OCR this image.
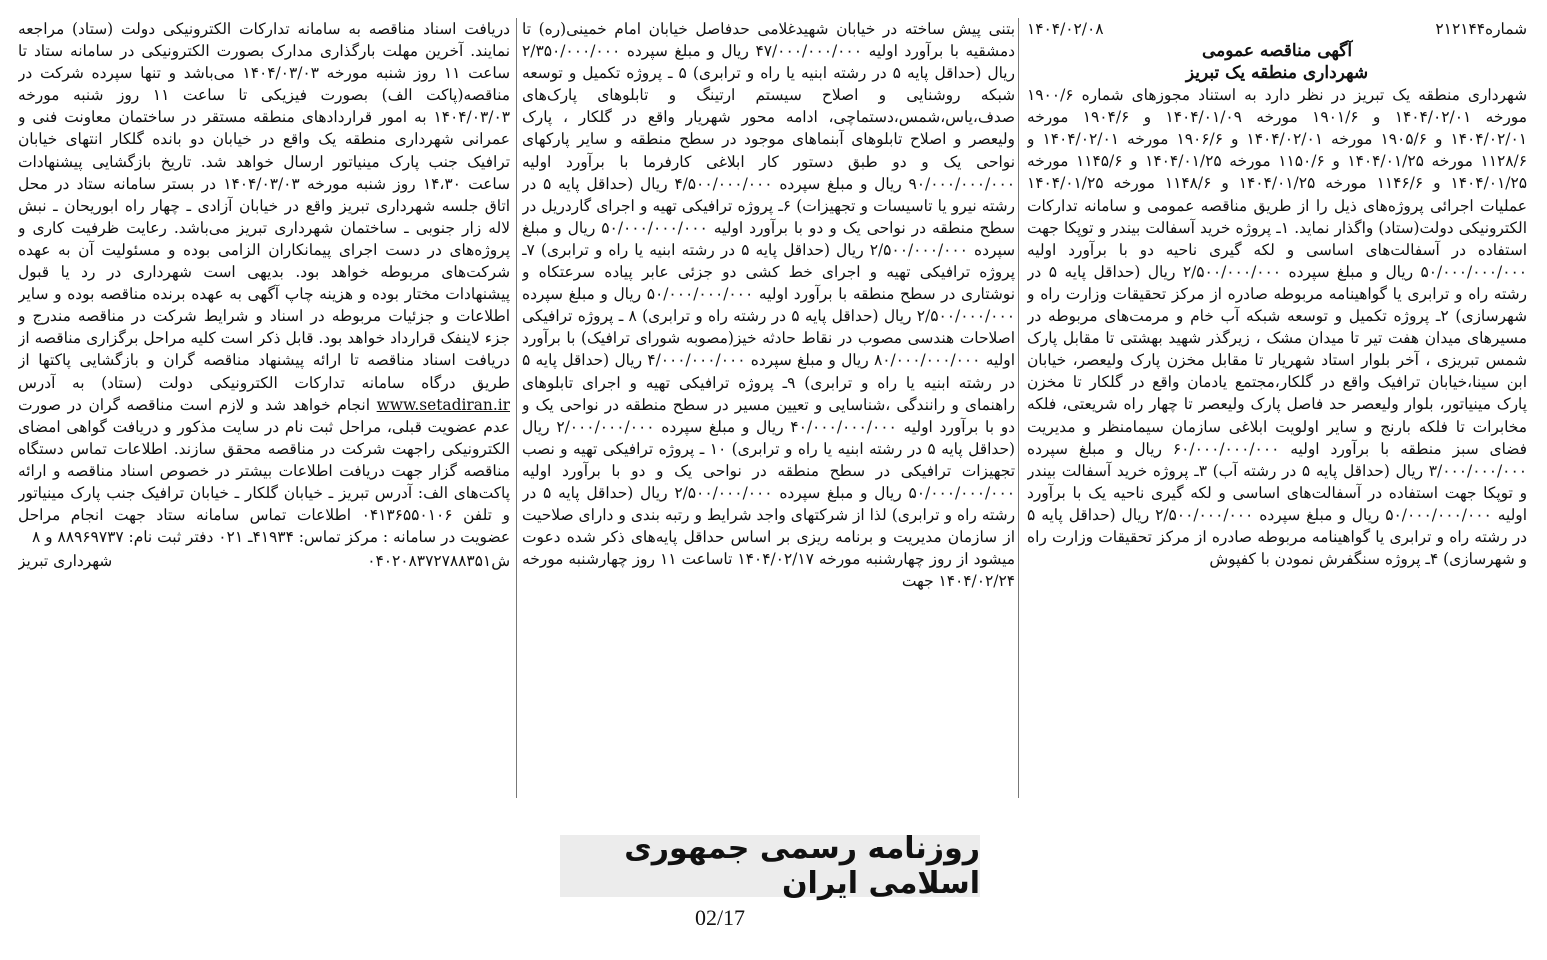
شماره۲۱۲۱۴۴
۱۴۰۴/۰۲/۰۸
آگهی مناقصه عمومی
شهرداری منطقه یک تبریز

شهرداری منطقه یک تبریز در نظر دارد به استناد مجوزهای شماره ۱۹۰۰/۶ مورخه ۱۴۰۴/۰۲/۰۱ و ۱۹۰۱/۶ مورخه ۱۴۰۴/۰۱/۰۹ و ۱۹۰۴/۶ مورخه ۱۴۰۴/۰۲/۰۱ و ۱۹۰۵/۶ مورخه ۱۴۰۴/۰۲/۰۱ و ۱۹۰۶/۶ مورخه ۱۴۰۴/۰۲/۰۱ و ۱۱۲۸/۶ مورخه ۱۴۰۴/۰۱/۲۵ و ۱۱۵۰/۶ مورخه ۱۴۰۴/۰۱/۲۵ و ۱۱۴۵/۶ مورخه ۱۴۰۴/۰۱/۲۵ و ۱۱۴۶/۶ مورخه ۱۴۰۴/۰۱/۲۵ و ۱۱۴۸/۶ مورخه ۱۴۰۴/۰۱/۲۵ عملیات اجرائی پروژه‌های ذیل را از طریق مناقصه عمومی و سامانه تدارکات الکترونیکی دولت(ستاد) واگذار نماید. ۱ـ پروژه خرید آسفالت بیندر و توپکا جهت استفاده در آسفالت‌های اساسی و لکه گیری ناحیه دو با برآورد اولیه ۵۰/۰۰۰/۰۰۰/۰۰۰ ریال و مبلغ سپرده ۲/۵۰۰/۰۰۰/۰۰۰ ریال (حداقل پایه ۵ در رشته راه و ترابری یا گواهینامه مربوطه صادره از مرکز تحقیقات وزارت راه و شهرسازی) ۲ـ پروژه تکمیل و توسعه شبکه آب خام و مرمت‌های مربوطه در مسیرهای میدان هفت تیر تا میدان مشک ، زیرگذر شهید بهشتی تا مقابل پارک شمس تبریزی ، آخر بلوار استاد شهریار تا مقابل مخزن پارک ولیعصر، خیابان ابن سینا،خیابان ترافیک واقع در گلکار،مجتمع یادمان واقع در گلکار تا مخزن پارک مینیاتور، بلوار ولیعصر حد فاصل پارک ولیعصر تا چهار راه شریعتی، فلکه مخابرات تا فلکه بارنج و سایر اولویت ابلاغی سازمان سیمامنظر و مدیریت فضای سبز منطقه با برآورد اولیه ۶۰/۰۰۰/۰۰۰/۰۰۰ ریال و مبلغ سپرده ۳/۰۰۰/۰۰۰/۰۰۰ ریال (حداقل پایه ۵ در رشته آب) ۳ـ پروژه خرید آسفالت بیندر و توپکا جهت استفاده در آسفالت‌های اساسی و لکه گیری ناحیه یک با برآورد اولیه ۵۰/۰۰۰/۰۰۰/۰۰۰ ریال و مبلغ سپرده ۲/۵۰۰/۰۰۰/۰۰۰ ریال (حداقل پایه ۵ در رشته راه و ترابری یا گواهینامه مربوطه صادره از مرکز تحقیقات وزارت راه و شهرسازی) ۴ـ پروژه سنگفرش نمودن با کفپوش

بتنی پیش ساخته در خیابان شهیدغلامی حدفاصل خیابان امام خمینی(ره) تا دمشقیه با برآورد اولیه ۴۷/۰۰۰/۰۰۰/۰۰۰ ریال و مبلغ سپرده ۲/۳۵۰/۰۰۰/۰۰۰ ریال (حداقل پایه ۵ در رشته ابنیه یا راه و ترابری) ۵ ـ پروژه تکمیل و توسعه شبکه روشنایی و اصلاح سیستم ارتینگ و تابلوهای پارک‌های صدف،یاس،شمس،دستماچی، ادامه محور شهریار واقع در گلکار ، پارک ولیعصر و اصلاح تابلوهای آبنماهای موجود در سطح منطقه و سایر پارکهای نواحی یک و دو طبق دستور کار ابلاغی کارفرما با برآورد اولیه ۹۰/۰۰۰/۰۰۰/۰۰۰ ریال و مبلغ سپرده ۴/۵۰۰/۰۰۰/۰۰۰ ریال (حداقل پایه ۵ در رشته نیرو یا تاسیسات و تجهیزات) ۶ـ پروژه ترافیکی تهیه و اجرای گاردریل در سطح منطقه در نواحی یک و دو با برآورد اولیه ۵۰/۰۰۰/۰۰۰/۰۰۰ ریال و مبلغ سپرده ۲/۵۰۰/۰۰۰/۰۰۰ ریال (حداقل پایه ۵ در رشته ابنیه یا راه و ترابری) ۷ـ پروژه ترافیکی تهیه و اجرای خط کشی دو جزئی عابر پیاده سرعتکاه و نوشتاری در سطح منطقه با برآورد اولیه ۵۰/۰۰۰/۰۰۰/۰۰۰ ریال و مبلغ سپرده ۲/۵۰۰/۰۰۰/۰۰۰ ریال (حداقل پایه ۵ در رشته راه و ترابری) ۸ ـ پروژه ترافیکی اصلاحات هندسی مصوب در نقاط حادثه خیز(مصوبه شورای ترافیک) با برآورد اولیه ۸۰/۰۰۰/۰۰۰/۰۰۰ ریال و مبلغ سپرده ۴/۰۰۰/۰۰۰/۰۰۰ ریال (حداقل پایه ۵ در رشته ابنیه یا راه و ترابری) ۹ـ پروژه ترافیکی تهیه و اجرای تابلوهای راهنمای و رانندگی ،شناسایی و تعیین مسیر در سطح منطقه در نواحی یک و دو با برآورد اولیه ۴۰/۰۰۰/۰۰۰/۰۰۰ ریال و مبلغ سپرده ۲/۰۰۰/۰۰۰/۰۰۰ ریال (حداقل پایه ۵ در رشته ابنیه یا راه و ترابری) ۱۰ ـ پروژه ترافیکی تهیه و نصب تجهیزات ترافیکی در سطح منطقه در نواحی یک و دو با برآورد اولیه ۵۰/۰۰۰/۰۰۰/۰۰۰ ریال و مبلغ سپرده ۲/۵۰۰/۰۰۰/۰۰۰ ریال (حداقل پایه ۵ در رشته راه و ترابری) لذا از شرکتهای واجد شرایط و رتبه بندی و دارای صلاحیت از سازمان مدیریت و برنامه ریزی بر اساس حداقل پایه‌های ذکر شده دعوت میشود از روز چهارشنبه مورخه ۱۴۰۴/۰۲/۱۷ تاساعت ۱۱ روز چهارشنبه مورخه ۱۴۰۴/۰۲/۲۴ جهت

دریافت اسناد مناقصه به سامانه تدارکات الکترونیکی دولت (ستاد) مراجعه نمایند. آخرین مهلت بارگذاری مدارک بصورت الکترونیکی در سامانه ستاد تا ساعت ۱۱ روز شنبه مورخه ۱۴۰۴/۰۳/۰۳ می‌باشد و تنها سپرده شرکت در مناقصه(پاکت الف) بصورت فیزیکی تا ساعت ۱۱ روز شنبه مورخه ۱۴۰۴/۰۳/۰۳ به امور قراردادهای منطقه مستقر در ساختمان معاونت فنی و عمرانی شهرداری منطقه یک واقع در خیابان دو بانده گلکار انتهای خیابان ترافیک جنب پارک مینیاتور ارسال خواهد شد. تاریخ بازگشایی پیشنهادات ساعت ۱۴،۳۰ روز شنبه مورخه ۱۴۰۴/۰۳/۰۳ در بستر سامانه ستاد در محل اتاق جلسه شهرداری تبریز واقع در خیابان آزادی ـ چهار راه ابوریحان ـ نبش لاله زار جنوبی ـ ساختمان شهرداری تبریز می‌باشد. رعایت ظرفیت کاری و پروژه‌های در دست اجرای پیمانکاران الزامی بوده و مسئولیت آن به عهده شرکت‌های مربوطه خواهد بود. بدیهی است شهرداری در رد یا قبول پیشنهادات مختار بوده و هزینه چاپ آگهی به عهده برنده مناقصه بوده و سایر اطلاعات و جزئیات مربوطه در اسناد و شرایط شرکت در مناقصه مندرج و جزء لاینفک قرارداد خواهد بود. قابل ذکر است کلیه مراحل برگزاری مناقصه از دریافت اسناد مناقصه تا ارائه پیشنهاد مناقصه گران و بازگشایی پاکتها از طریق درگاه سامانه تدارکات الکترونیکی دولت (ستاد) به آدرس www.setadiran.ir انجام خواهد شد و لازم است مناقصه گران در صورت عدم عضویت قبلی، مراحل ثبت نام در سایت مذکور و دریافت گواهی امضای الکترونیکی راجهت شرکت در مناقصه محقق سازند. اطلاعات تماس دستگاه مناقصه گزار جهت دریافت اطلاعات بیشتر در خصوص اسناد مناقصه و ارائه پاکت‌های الف: آدرس تبریز ـ خیابان گلکار ـ خیابان ترافیک جنب پارک مینیاتور و تلفن ۰۴۱۳۶۵۵۰۱۰۶ اطلاعات تماس سامانه ستاد جهت انجام مراحل عضویت در سامانه : مرکز تماس: ۴۱۹۳۴ـ ۰۲۱ دفتر ثبت نام: ۸۸۹۶۹۷۳۷ و ۸

ش۰۴۰۲۰۸۳۷۲۷۸۸۳۵۱
شهرداری تبریز
روزنامه رسمی جمهوری اسلامی ایران
02/17
